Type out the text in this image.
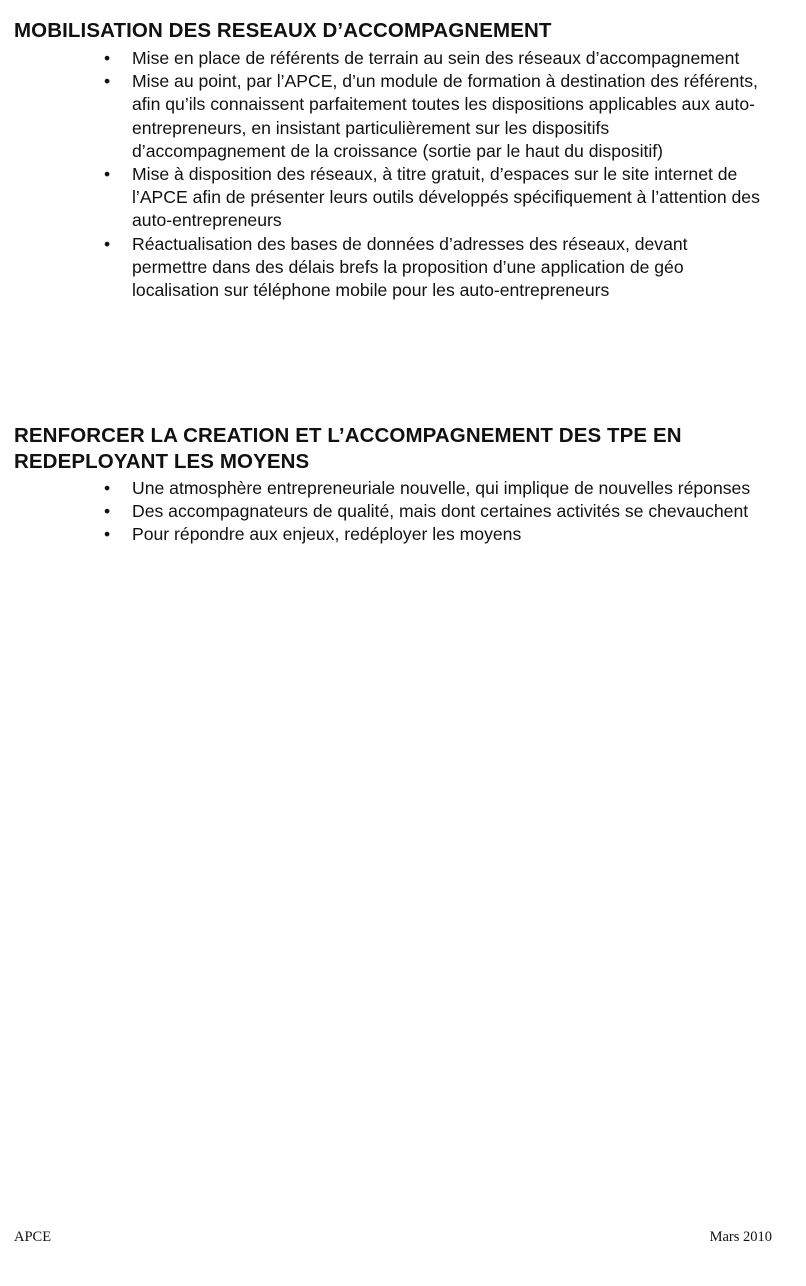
MOBILISATION DES RESEAUX D’ACCOMPAGNEMENT
• Mise en place de référents de terrain au sein des réseaux d’accompagnement
• Mise au point, par l’APCE, d’un module de formation à destination des référents, afin qu’ils connaissent parfaitement toutes les dispositions applicables aux auto-entrepreneurs, en insistant particulièrement sur les dispositifs d’accompagnement de la croissance (sortie par le haut du dispositif)
• Mise à disposition des réseaux, à titre gratuit, d’espaces sur le site internet de l’APCE afin de présenter leurs outils développés spécifiquement à l’attention des auto-entrepreneurs
• Réactualisation des bases de données d’adresses des réseaux, devant permettre dans des délais brefs la proposition d’une application de géo localisation sur téléphone mobile pour les auto-entrepreneurs
RENFORCER LA CREATION ET L’ACCOMPAGNEMENT DES TPE EN REDEPLOYANT LES MOYENS
• Une atmosphère entrepreneuriale nouvelle, qui implique de nouvelles réponses
• Des accompagnateurs de qualité, mais dont certaines activités se chevauchent
• Pour répondre aux enjeux, redéployer les moyens
APCE	Mars 2010
